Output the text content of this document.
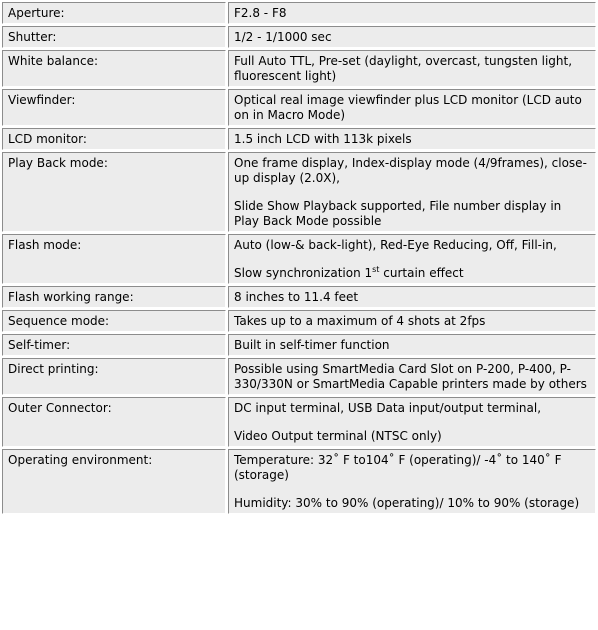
Aperture:	F2.8 - F8

Shutter:	1/2 - 1/1000 sec

White balance:	Full Auto TTL, Pre-set (daylight, overcast, tungsten light, fluorescent light)

Viewfinder:	Optical real image viewfinder plus LCD monitor (LCD auto on in Macro Mode)

LCD monitor:	1.5 inch LCD with 113k pixels

Play Back mode:	One frame display, Index-display mode (4/9frames), close-up display (2.0X),
Slide Show Playback supported, File number display in Play Back Mode possible

Flash mode:	Auto (low-& back-light), Red-Eye Reducing, Off, Fill-in,
Slow synchronization 1st curtain effect

Flash working range:	8 inches to 11.4 feet

Sequence mode:	Takes up to a maximum of 4 shots at 2fps

Self-timer:	Built in self-timer function

Direct printing:	Possible using SmartMedia Card Slot on P-200, P-400, P-330/330N or SmartMedia Capable printers made by others

Outer Connector:	DC input terminal, USB Data input/output terminal,
Video Output terminal (NTSC only)

Operating environment:	Temperature: 32˚ F to104˚ F (operating)/ -4˚ to 140˚ F (storage)
Humidity: 30% to 90% (operating)/ 10% to 90% (storage)
